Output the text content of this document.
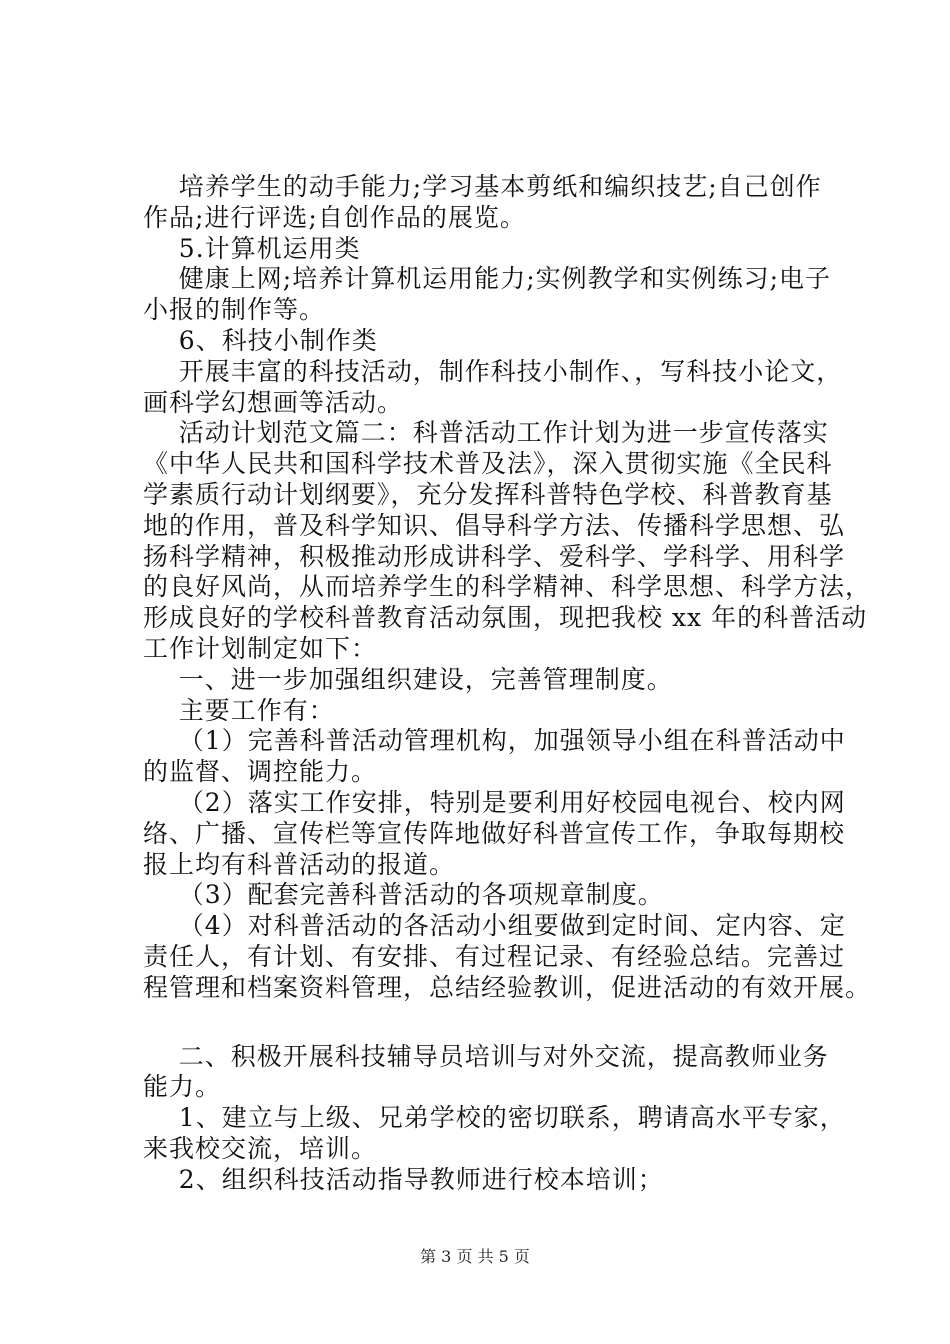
培养学生的动手能力;学习基本剪纸和编织技艺;自己创作
作品;进行评选;自创作品的展览。
5.计算机运用类
健康上网;培养计算机运用能力;实例教学和实例练习;电子
小报的制作等。
6、科技小制作类
开展丰富的科技活动，制作科技小制作、，写科技小论文，
画科学幻想画等活动。
活动计划范文篇二：科普活动工作计划为进一步宣传落实
《中华人民共和国科学技术普及法》，深入贯彻实施《全民科
学素质行动计划纲要》，充分发挥科普特色学校、科普教育基
地的作用，普及科学知识、倡导科学方法、传播科学思想、弘
扬科学精神，积极推动形成讲科学、爱科学、学科学、用科学
的良好风尚，从而培养学生的科学精神、科学思想、科学方法，
形成良好的学校科普教育活动氛围，现把我校 xx 年的科普活动
工作计划制定如下：
一、进一步加强组织建设，完善管理制度。
主要工作有：
（1）完善科普活动管理机构，加强领导小组在科普活动中
的监督、调控能力。
（2）落实工作安排，特别是要利用好校园电视台、校内网
络、广播、宣传栏等宣传阵地做好科普宣传工作，争取每期校
报上均有科普活动的报道。
（3）配套完善科普活动的各项规章制度。
（4）对科普活动的各活动小组要做到定时间、定内容、定
责任人，有计划、有安排、有过程记录、有经验总结。完善过
程管理和档案资料管理，总结经验教训，促进活动的有效开展。
二、积极开展科技辅导员培训与对外交流，提高教师业务
能力。
1、建立与上级、兄弟学校的密切联系，聘请高水平专家，
来我校交流，培训。
2、组织科技活动指导教师进行校本培训；
第 3 页 共 5 页
